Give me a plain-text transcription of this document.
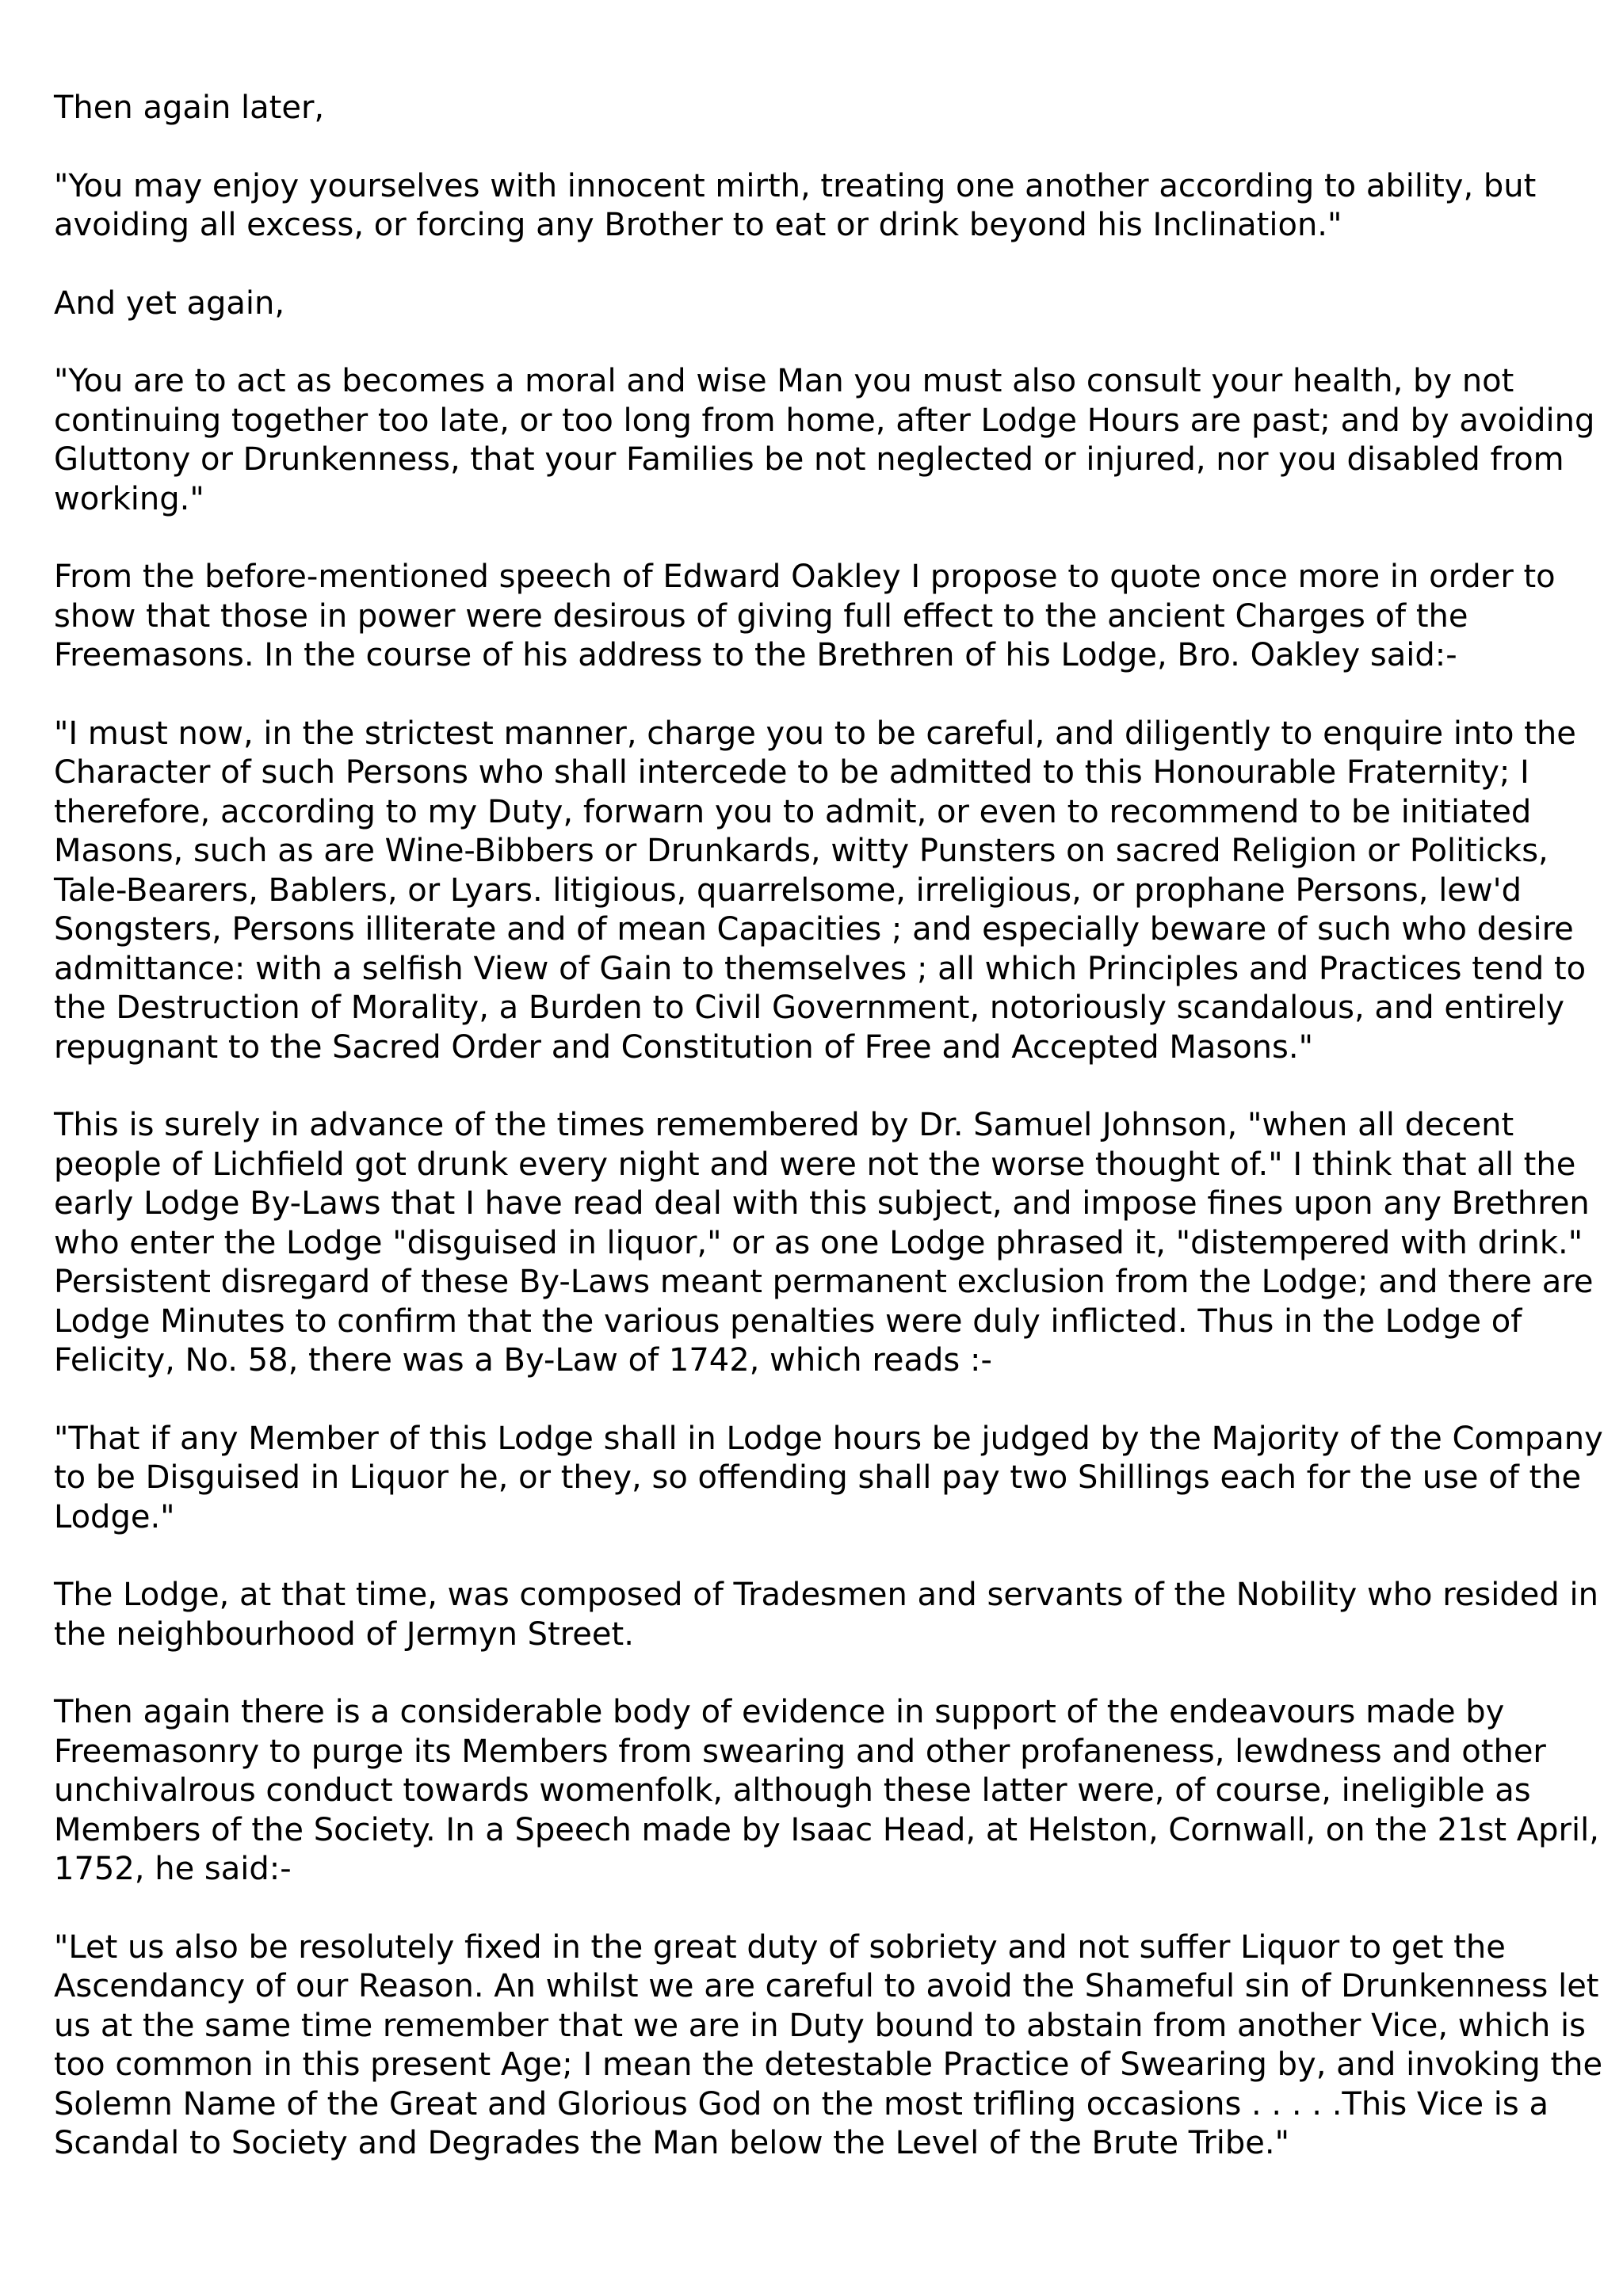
Then again later,

"You may enjoy yourselves with innocent mirth, treating one another according to ability, but avoiding all excess, or forcing any Brother to eat or drink beyond his Inclination."

And yet again,

"You are to act as becomes a moral and wise Man you must also consult your health, by not continuing together too late, or too long from home, after Lodge Hours are past; and by avoiding Gluttony or Drunkenness, that your Families be not neglected or injured, nor you disabled from working."

From the before-mentioned speech of Edward Oakley I propose to quote once more in order to show that those in power were desirous of giving full effect to the ancient Charges of the Freemasons. In the course of his address to the Brethren of his Lodge, Bro. Oakley said:-

"I must now, in the strictest manner, charge you to be careful, and diligently to enquire into the Character of such Persons who shall intercede to be admitted to this Honourable Fraternity; I therefore, according to my Duty, forwarn you to admit, or even to recommend to be initiated Masons, such as are Wine-Bibbers or Drunkards, witty Punsters on sacred Religion or Politicks, Tale-Bearers, Bablers, or Lyars. litigious, quarrelsome, irreligious, or prophane Persons, lew'd Songsters, Persons illiterate and of mean Capacities ; and especially beware of such who desire admittance: with a selfish View of Gain to themselves ; all which Principles and Practices tend to the Destruction of Morality, a Burden to Civil Government, notoriously scandalous, and entirely repugnant to the Sacred Order and Constitution of Free and Accepted Masons."

This is surely in advance of the times remembered by Dr. Samuel Johnson, "when all decent people of Lichfield got drunk every night and were not the worse thought of." I think that all the early Lodge By-Laws that I have read deal with this subject, and impose fines upon any Brethren who enter the Lodge "disguised in liquor," or as one Lodge phrased it, "distempered with drink." Persistent disregard of these By-Laws meant permanent exclusion from the Lodge; and there are Lodge Minutes to confirm that the various penalties were duly inflicted. Thus in the Lodge of Felicity, No. 58, there was a By-Law of 1742, which reads :-

"That if any Member of this Lodge shall in Lodge hours be judged by the Majority of the Company to be Disguised in Liquor he, or they, so offending shall pay two Shillings each for the use of the Lodge."

The Lodge, at that time, was composed of Tradesmen and servants of the Nobility who resided in the neighbourhood of Jermyn Street.

Then again there is a considerable body of evidence in support of the endeavours made by Freemasonry to purge its Members from swearing and other profaneness, lewdness and other unchivalrous conduct towards womenfolk, although these latter were, of course, ineligible as Members of the Society. In a Speech made by Isaac Head, at Helston, Cornwall, on the 21st April, 1752, he said:-

"Let us also be resolutely fixed in the great duty of sobriety and not suffer Liquor to get the Ascendancy of our Reason. An whilst we are careful to avoid the Shameful sin of Drunkenness let us at the same time remember that we are in Duty bound to abstain from another Vice, which is too common in this present Age; I mean the detestable Practice of Swearing by, and invoking the Solemn Name of the Great and Glorious God on the most trifling occasions . . . . .This Vice is a Scandal to Society and Degrades the Man below the Level of the Brute Tribe."
